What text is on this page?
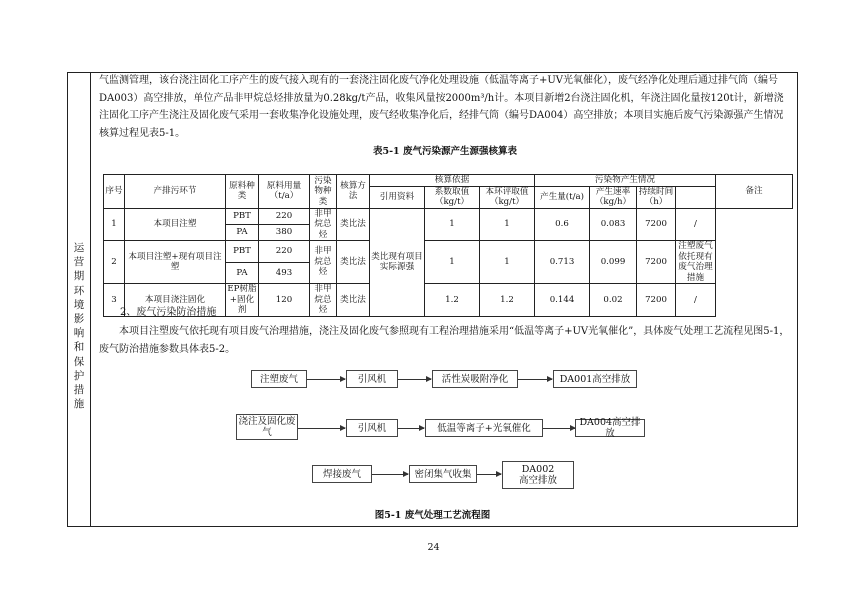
运
营
期
环
境
影
响
和
保
护
措
施

气监测管理，该台浇注固化工序产生的废气接入现有的一套浇注固化废气净化处理设施（低温等离子+UV光氧催化），废气经净化处理后通过排气筒（编号DA003）高空排放，单位产品非甲烷总烃排放量为0.28kg/t产品，收集风量按2000m³/h计。本项目新增2台浇注固化机，年浇注固化量按120t计，新增浇注固化工序产生浇注及固化废气采用一套收集净化设施处理，废气经收集净化后，经排气筒（编号DA004）高空排放；本项目实施后废气污染源强产生情况核算过程见表5-1。

表5-1 废气污染源产生源强核算表
序号	产排污环节	原料种类	原料用量（t/a）	污染物种类	核算方法	核算依据			污染物产生情况				备注
						引用资料	系数取值（kg/t）	本环评取值（kg/t）	产生量(t/a)	产生速率（kg/h）	持续时间（h）		
1	本项目注塑	PBT	220	非甲烷总烃	类比法	类比现有项目实际源强	1	1	0.6	0.083	7200	/	
		PA	380										
2	本项目注塑+现有项目注塑	PBT	220	非甲烷总烃	类比法		1	1	0.713	0.099	7200	注塑废气依托现有废气治理措施	
		PA	493										
3	本项目浇注固化	EP树脂+固化剂	120	非甲烷总烃	类比法		1.2	1.2	0.144	0.02	7200	/	
2、废气污染防治措施
本项目注塑废气依托现有项目废气治理措施，浇注及固化废气参照现有工程治理措施采用“低温等离子+UV光氧催化”，具体废气处理工艺流程见图5-1，废气防治措施参数具体表5-2。
注塑废气	引风机	活性炭吸附净化	DA001高空排放
浇注及固化废气	引风机	低温等离子+光氧催化	DA004高空排放
焊接废气	密闭集气收集	DA002高空排放
图5-1 废气处理工艺流程图
24
